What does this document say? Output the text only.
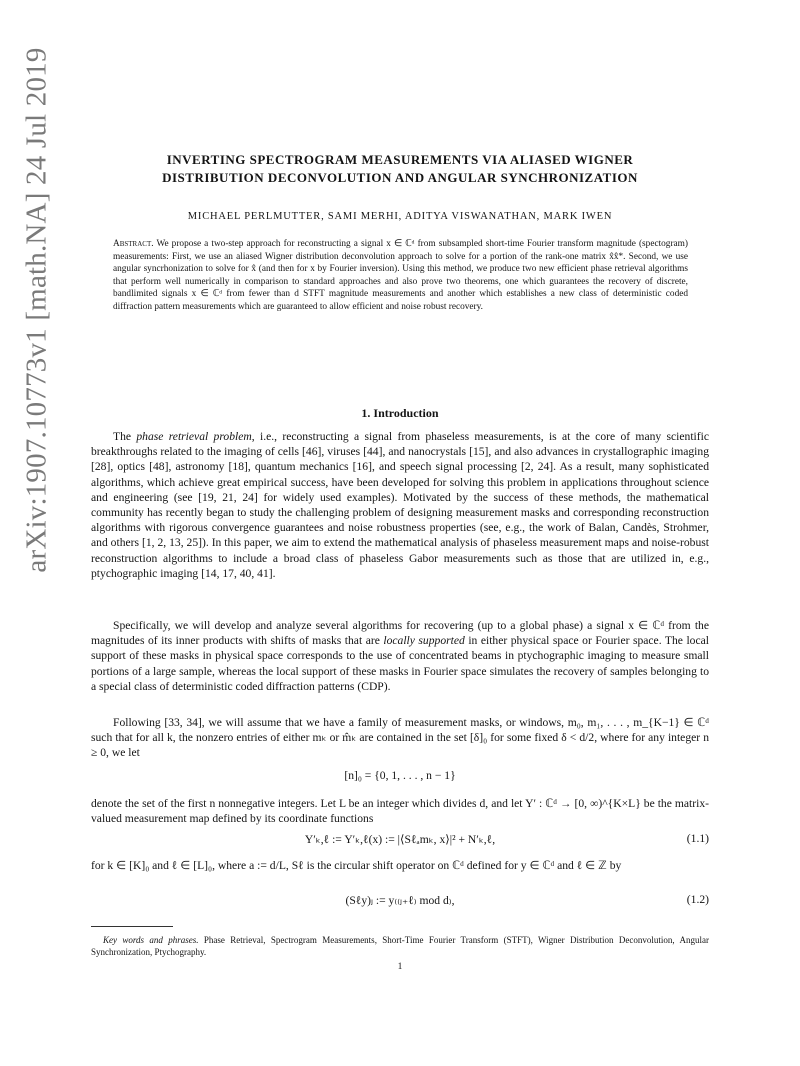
arXiv:1907.10773v1 [math.NA] 24 Jul 2019	INVERTING SPECTROGRAM MEASUREMENTS VIA ALIASED WIGNER
DISTRIBUTION DECONVOLUTION AND ANGULAR SYNCHRONIZATION
MICHAEL PERLMUTTER, SAMI MERHI, ADITYA VISWANATHAN, MARK IWEN

Abstract. We propose a two-step approach for reconstructing a signal x ∈ ℂᵈ from subsampled short-time Fourier transform magnitude (spectogram) measurements: First, we use an aliased Wigner distribution deconvolution approach to solve for a portion of the rank-one matrix x̂x̂*. Second, we use angular syncrhonization to solve for x̂ (and then for x by Fourier inversion). Using this method, we produce two new efficient phase retrieval algorithms that perform well numerically in comparison to standard approaches and also prove two theorems, one which guarantees the recovery of discrete, bandlimited signals x ∈ ℂᵈ from fewer than d STFT magnitude measurements and another which establishes a new class of deterministic coded diffraction pattern measurements which are guaranteed to allow efficient and noise robust recovery.

1. Introduction

The phase retrieval problem, i.e., reconstructing a signal from phaseless measurements, is at the core of many scientific breakthroughs related to the imaging of cells [46], viruses [44], and nanocrystals [15], and also advances in crystallographic imaging [28], optics [48], astronomy [18], quantum mechanics [16], and speech signal processing [2, 24]. As a result, many sophisticated algorithms, which achieve great empirical success, have been developed for solving this problem in applications throughout science and engineering (see [19, 21, 24] for widely used examples). Motivated by the success of these methods, the mathematical community has recently began to study the challenging problem of designing measurement masks and corresponding reconstruction algorithms with rigorous convergence guarantees and noise robustness properties (see, e.g., the work of Balan, Candès, Strohmer, and others [1, 2, 13, 25]). In this paper, we aim to extend the mathematical analysis of phaseless measurement maps and noise-robust reconstruction algorithms to include a broad class of phaseless Gabor measurements such as those that are utilized in, e.g., ptychographic imaging [14, 17, 40, 41].

Specifically, we will develop and analyze several algorithms for recovering (up to a global phase) a signal x ∈ ℂᵈ from the magnitudes of its inner products with shifts of masks that are locally supported in either physical space or Fourier space. The local support of these masks in physical space corresponds to the use of concentrated beams in ptychographic imaging to measure small portions of a large sample, whereas the local support of these masks in Fourier space simulates the recovery of samples belonging to a special class of deterministic coded diffraction patterns (CDP).

Following [33, 34], we will assume that we have a family of measurement masks, or windows, m₀, m₁, . . . , m_{K−1} ∈ ℂᵈ such that for all k, the nonzero entries of either mₖ or m̂ₖ are contained in the set [δ]₀ for some fixed δ < d/2, where for any integer n ≥ 0, we let

[n]₀ = {0, 1, . . . , n − 1}

denote the set of the first n nonnegative integers. Let L be an integer which divides d, and let Y′ : ℂᵈ → [0, ∞)^{K×L} be the matrix-valued measurement map defined by its coordinate functions

Y′ₖ,ℓ := Y′ₖ,ℓ(x) := |⟨Sℓₐmₖ, x⟩|² + N′ₖ,ℓ,	(1.1)

for k ∈ [K]₀ and ℓ ∈ [L]₀, where a := d/L, Sℓ is the circular shift operator on ℂᵈ defined for y ∈ ℂᵈ and ℓ ∈ ℤ by

(Sℓy)ⱼ := y₍₍ⱼ₊ℓ₎ mod d₎,	(1.2)

Key words and phrases. Phase Retrieval, Spectrogram Measurements, Short-Time Fourier Transform (STFT), Wigner Distribution Deconvolution, Angular Synchronization, Ptychography.

1
